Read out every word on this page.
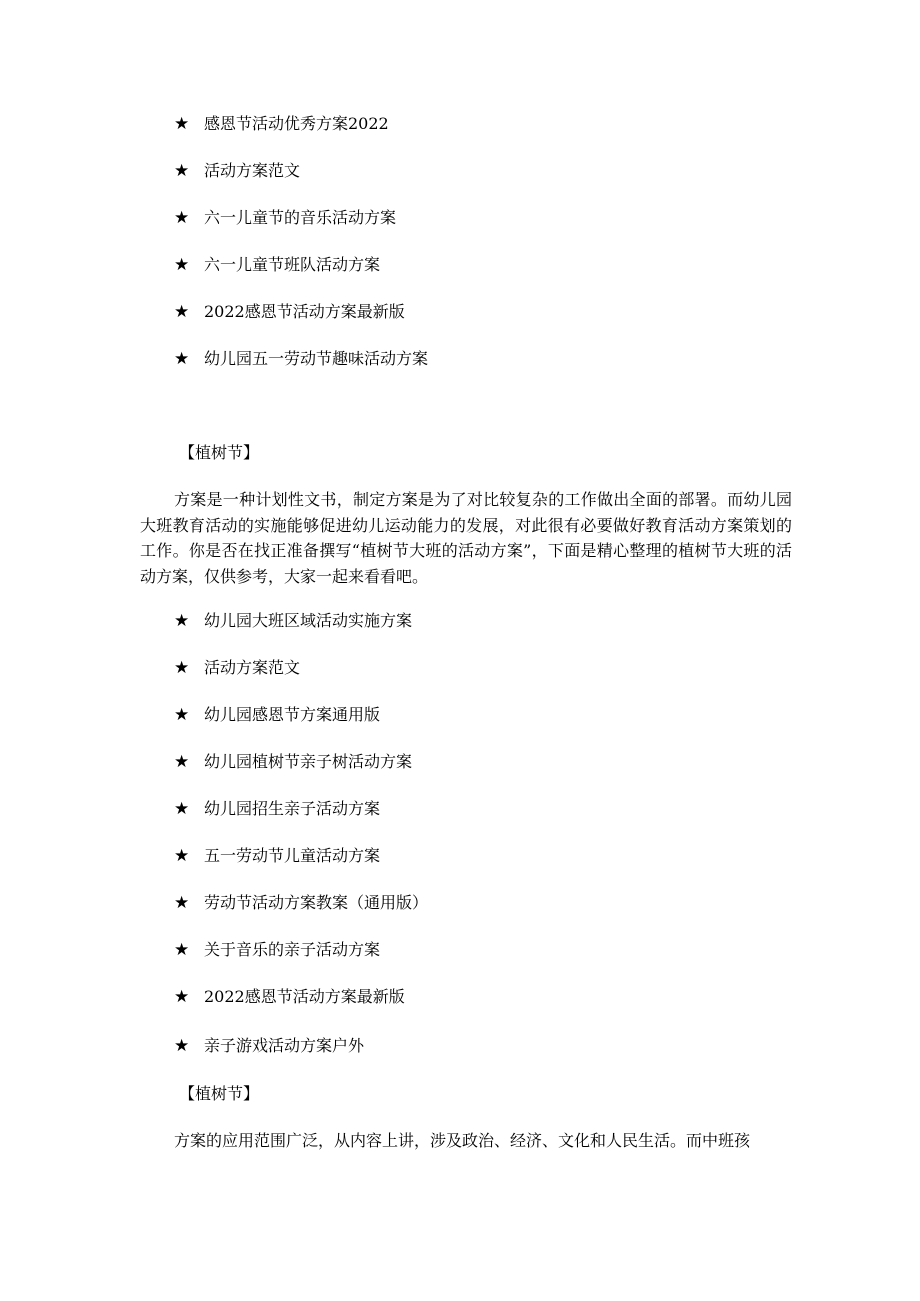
★ 感恩节活动优秀方案2022
★ 活动方案范文
★ 六一儿童节的音乐活动方案
★ 六一儿童节班队活动方案
★ 2022感恩节活动方案最新版
★ 幼儿园五一劳动节趣味活动方案
【植树节】

方案是一种计划性文书，制定方案是为了对比较复杂的工作做出全面的部署。而幼儿园大班教育活动的实施能够促进幼儿运动能力的发展，对此很有必要做好教育活动方案策划的工作。你是否在找正准备撰写“植树节大班的活动方案”，下面是精心整理的植树节大班的活动方案，仅供参考，大家一起来看看吧。

★ 幼儿园大班区域活动实施方案
★ 活动方案范文
★ 幼儿园感恩节方案通用版
★ 幼儿园植树节亲子树活动方案
★ 幼儿园招生亲子活动方案
★ 五一劳动节儿童活动方案
★ 劳动节活动方案教案（通用版）
★ 关于音乐的亲子活动方案
★ 2022感恩节活动方案最新版
★ 亲子游戏活动方案户外
【植树节】

方案的应用范围广泛，从内容上讲，涉及政治、经济、文化和人民生活。而中班孩
